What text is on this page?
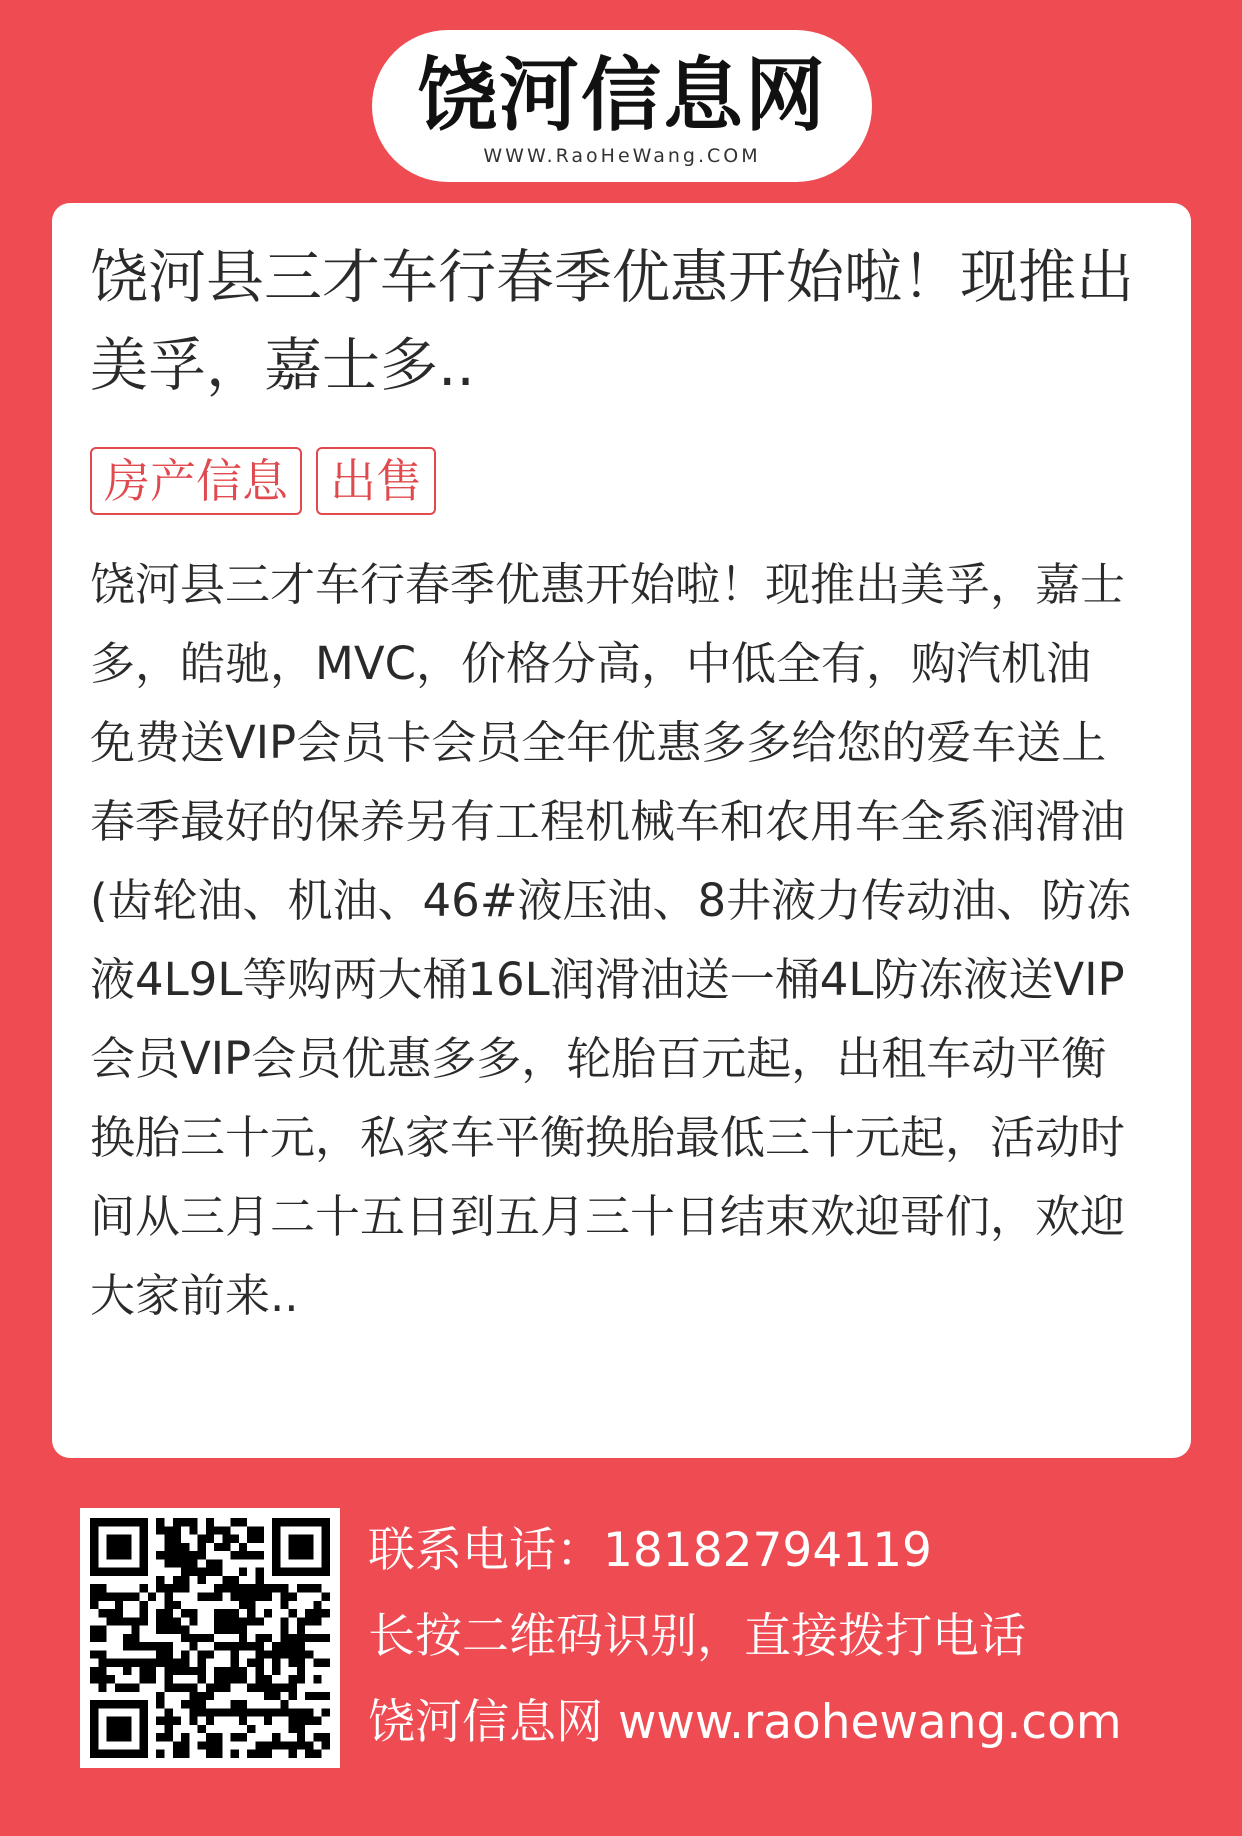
饶河信息网
WWW.RaoHeWang.COM
饶河县三才车行春季优惠开始啦！现推出美孚，嘉士多..
房产信息 出售
饶河县三才车行春季优惠开始啦！现推出美孚，嘉士多，皓驰，MVC，价格分高，中低全有，购汽机油免费送VIP会员卡会员全年优惠多多给您的爱车送上春季最好的保养另有工程机械车和农用车全系润滑油(齿轮油、机油、46#液压油、8井液力传动油、防冻液4L9L等购两大桶16L润滑油送一桶4L防冻液送VIP会员VIP会员优惠多多，轮胎百元起，出租车动平衡换胎三十元，私家车平衡换胎最低三十元起，活动时间从三月二十五日到五月三十日结束欢迎哥们，欢迎大家前来..
联系电话：18182794119
长按二维码识别，直接拨打电话
饶河信息网 www.raohewang.com
